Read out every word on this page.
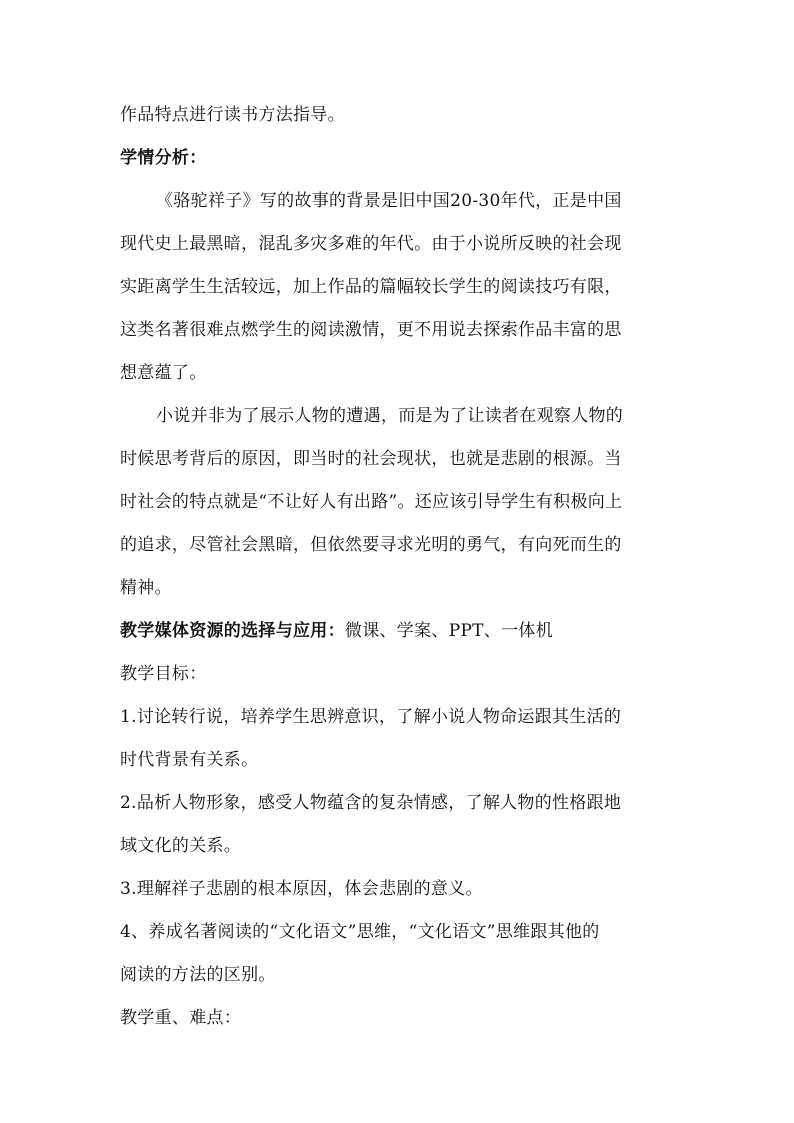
作品特点进行读书方法指导。
学情分析：
《骆驼祥子》写的故事的背景是旧中国20-30年代，正是中国
现代史上最黑暗，混乱多灾多难的年代。由于小说所反映的社会现
实距离学生生活较远，加上作品的篇幅较长学生的阅读技巧有限，
这类名著很难点燃学生的阅读激情，更不用说去探索作品丰富的思
想意蕴了。
小说并非为了展示人物的遭遇，而是为了让读者在观察人物的
时候思考背后的原因，即当时的社会现状，也就是悲剧的根源。当
时社会的特点就是“不让好人有出路”。还应该引导学生有积极向上
的追求，尽管社会黑暗，但依然要寻求光明的勇气，有向死而生的
精神。
教学媒体资源的选择与应用：微课、学案、PPT、一体机
教学目标：
1.讨论转行说，培养学生思辨意识，了解小说人物命运跟其生活的
时代背景有关系。
2.品析人物形象，感受人物蕴含的复杂情感，了解人物的性格跟地
域文化的关系。
3.理解祥子悲剧的根本原因，体会悲剧的意义。
4、养成名著阅读的“文化语文”思维，“文化语文”思维跟其他的
阅读的方法的区别。
教学重、难点：
